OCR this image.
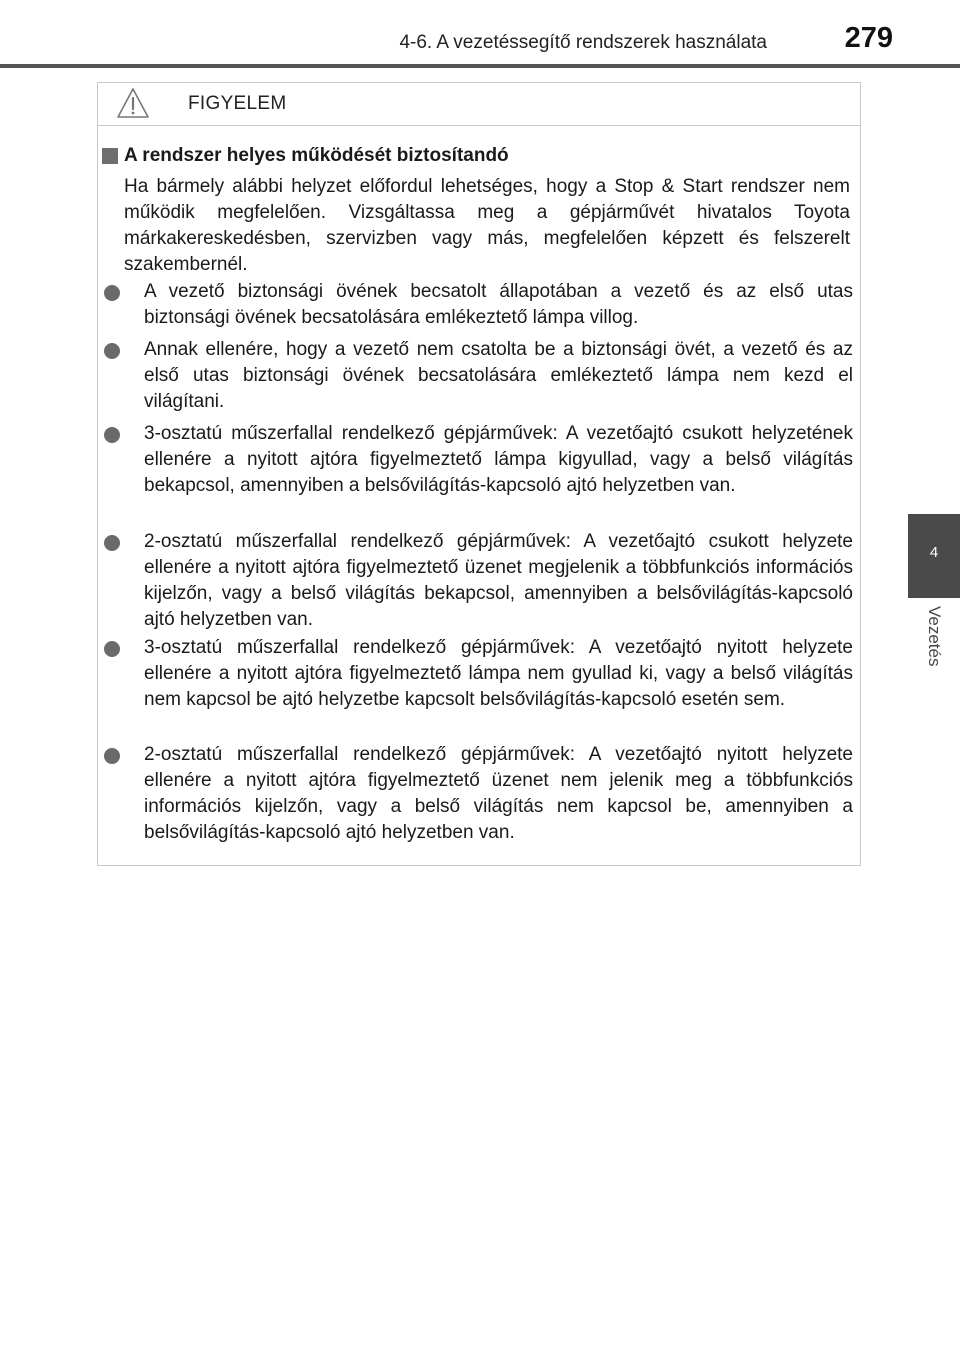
4-6. A vezetéssegítő rendszerek használata	279
4
Vezetés
FIGYELEM
A rendszer helyes működését biztosítandó

Ha bármely alábbi helyzet előfordul lehetséges, hogy a Stop & Start rendszer nem működik megfelelően. Vizsgáltassa meg a gépjárművét hivatalos Toyota márkakereskedésben, szervizben vagy más, megfelelően képzett és felszerelt szakembernél.

A vezető biztonsági övének becsatolt állapotában a vezető és az első utas biztonsági övének becsatolására emlékeztető lámpa villog.

Annak ellenére, hogy a vezető nem csatolta be a biztonsági övét, a vezető és az első utas biztonsági övének becsatolására emlékeztető lámpa nem kezd el világítani.

3-osztatú műszerfallal rendelkező gépjárművek: A vezetőajtó csukott helyzetének ellenére a nyitott ajtóra figyelmeztető lámpa kigyullad, vagy a belső világítás bekapcsol, amennyiben a belsővilágítás-kapcsoló ajtó helyzetben van.

2-osztatú műszerfallal rendelkező gépjárművek: A vezetőajtó csukott helyzete ellenére a nyitott ajtóra figyelmeztető üzenet megjelenik a többfunkciós információs kijelzőn, vagy a belső világítás bekapcsol, amennyiben a belsővilágítás-kapcsoló ajtó helyzetben van.

3-osztatú műszerfallal rendelkező gépjárművek: A vezetőajtó nyitott helyzete ellenére a nyitott ajtóra figyelmeztető lámpa nem gyullad ki, vagy a belső világítás nem kapcsol be ajtó helyzetbe kapcsolt belsővilágítás-kapcsoló esetén sem.

2-osztatú műszerfallal rendelkező gépjárművek: A vezetőajtó nyitott helyzete ellenére a nyitott ajtóra figyelmeztető üzenet nem jelenik meg a többfunkciós információs kijelzőn, vagy a belső világítás nem kapcsol be, amennyiben a belsővilágítás-kapcsoló ajtó helyzetben van.
